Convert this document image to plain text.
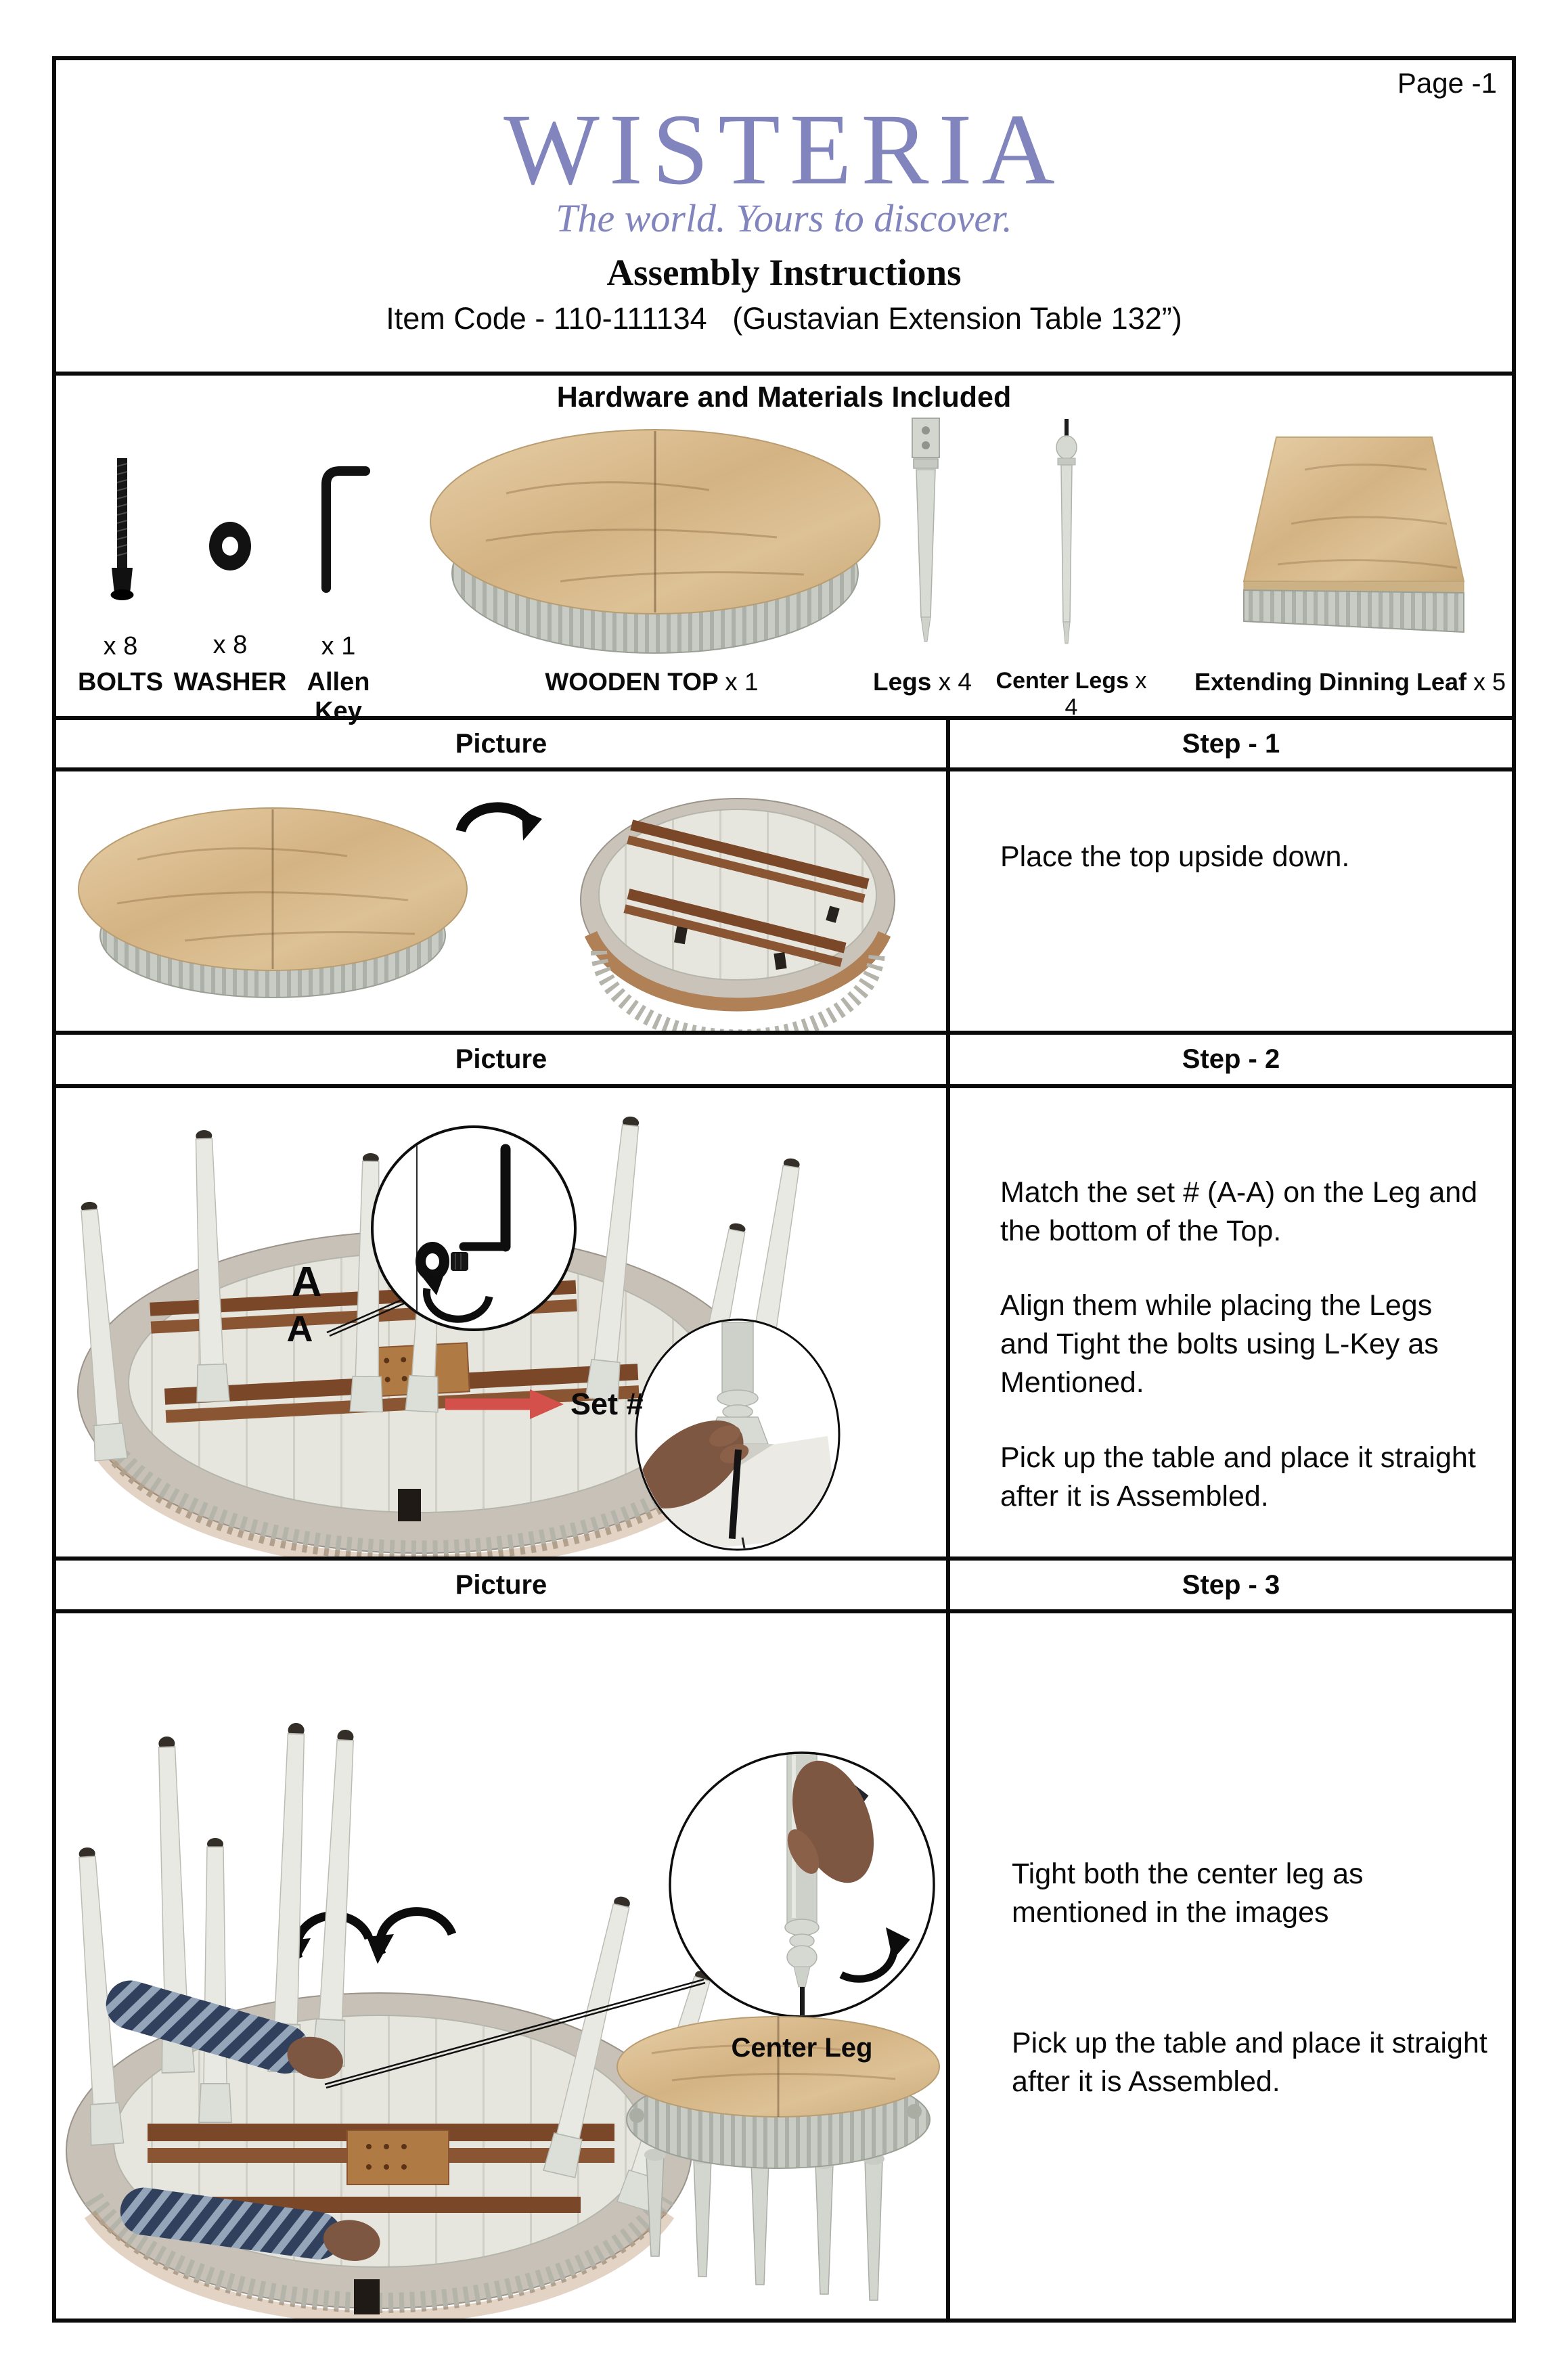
Page -1
WISTERIA
The world. Yours to discover.
Assembly Instructions
Item Code - 110-111134   (Gustavian Extension Table 132”)
Hardware and Materials Included
x 8	x 8	x 1
BOLTS WASHER Allen Key
WOODEN TOP x 1	Legs x 4	Center Legs x 4
Extending Dinning Leaf x 5
Picture	Step - 1
Place the top upside down.
Picture	Step - 2
A
A
Set #
Match the set # (A-A) on the Leg and the bottom of the Top.
Align them while placing the Legs and Tight the bolts using L-Key as Mentioned.
Pick up the table and place it straight after it is Assembled.
Picture	Step - 3
Center Leg
Tight both the center leg as mentioned in the images
Pick up the table and place it straight after it is Assembled.
